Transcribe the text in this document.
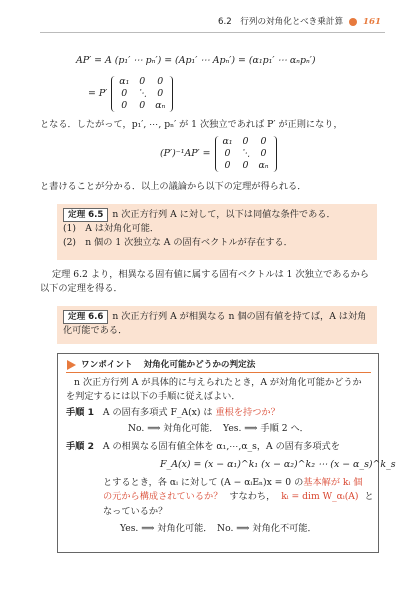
6.2　行列の対角化とべき乗計算 161
AP′ = A (p₁′ ⋯ pₙ′) = (Ap₁′ ⋯ Apₙ′) = (α₁p₁′ ⋯ αₙpₙ′)
= P′
α₁	0	0
0	⋱	0
0	0	αₙ
となる．したがって，p₁′, ⋯, pₙ′ が 1 次独立であれば P′ が正則になり，
(P′)⁻¹AP′ =
α₁	0	0
0	⋱	0
0	0	αₙ
と書けることが分かる．以上の議論から以下の定理が得られる．
定理 6.5 n 次正方行列 A に対して，以下は同値な条件である．
(1)　A は対角化可能．
(2)　n 個の 1 次独立な A の固有ベクトルが存在する．
定理 6.2 より，相異なる固有値に属する固有ベクトルは 1 次独立であるから
以下の定理を得る．
定理 6.6 n 次正方行列 A が相異なる n 個の固有値を持てば，A は対角
化可能である．
ワンポイント 対角化可能かどうかの判定法
n 次正方行列 A が具体的に与えられたとき，A が対角化可能かどうか
を判定するには以下の手順に従えばよい．
手順 1 A の固有多項式 F_A(x) は 重根を持つか？
No. ⟹ 対角化可能．　Yes. ⟹ 手順 2 へ．
手順 2 A の相異なる固有値全体を α₁,⋯,α_s，A の固有多項式を
F_A(x) = (x − α₁)^k₁ (x − α₂)^k₂ ⋯ (x − α_s)^k_s
とするとき，各 αᵢ に対して (A − αᵢEₙ)x = 0 の基本解が kᵢ 個
の元から構成されているか？ すなわち， kᵢ = dim W_αᵢ(A) と
なっているか？
Yes. ⟹ 対角化可能．　No. ⟹ 対角化不可能．
